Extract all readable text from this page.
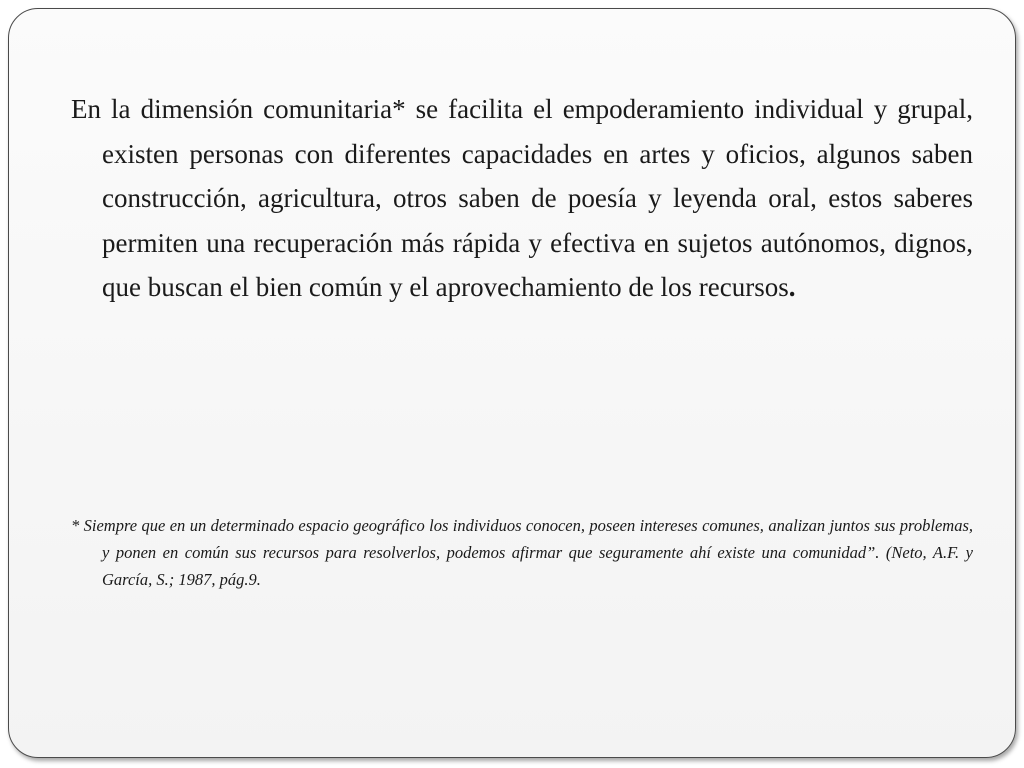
En la dimensión comunitaria* se facilita el empoderamiento individual y grupal, existen personas con diferentes capacidades en artes y oficios, algunos saben construcción, agricultura, otros saben de poesía y leyenda oral, estos saberes permiten una recuperación más rápida y efectiva en sujetos autónomos, dignos, que buscan el bien común y el aprovechamiento de los recursos.

* Siempre que en un determinado espacio geográfico los individuos conocen, poseen intereses comunes, analizan juntos sus problemas, y ponen en común sus recursos para resolverlos, podemos afirmar que seguramente ahí existe una comunidad”. (Neto, A.F. y García, S.; 1987, pág.9.
